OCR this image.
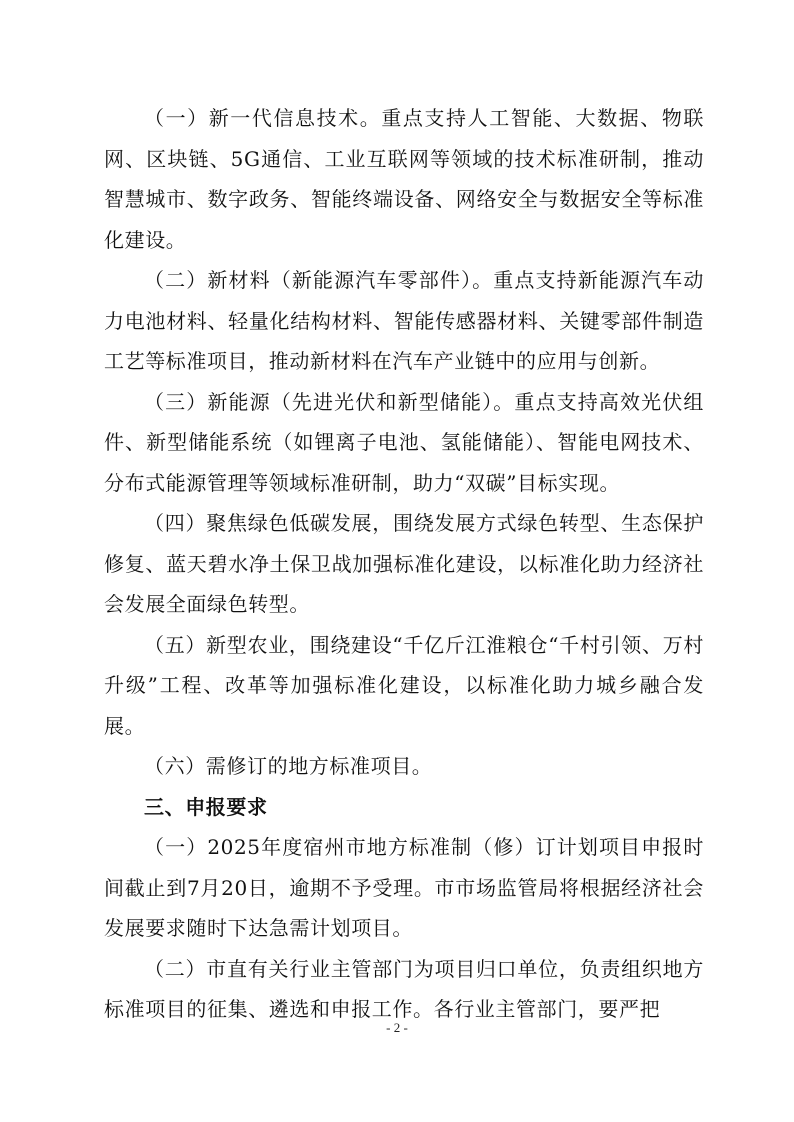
（一）新一代信息技术。重点支持人工智能、大数据、物联网、区块链、5G通信、工业互联网等领域的技术标准研制，推动智慧城市、数字政务、智能终端设备、网络安全与数据安全等标准化建设。

（二）新材料（新能源汽车零部件）。重点支持新能源汽车动力电池材料、轻量化结构材料、智能传感器材料、关键零部件制造工艺等标准项目，推动新材料在汽车产业链中的应用与创新。

（三）新能源（先进光伏和新型储能）。重点支持高效光伏组件、新型储能系统（如锂离子电池、氢能储能）、智能电网技术、分布式能源管理等领域标准研制，助力“双碳”目标实现。

（四）聚焦绿色低碳发展，围绕发展方式绿色转型、生态保护修复、蓝天碧水净土保卫战加强标准化建设，以标准化助力经济社会发展全面绿色转型。

（五）新型农业，围绕建设“千亿斤江淮粮仓“千村引领、万村升级”工程、改革等加强标准化建设，以标准化助力城乡融合发展。

（六）需修订的地方标准项目。

三、申报要求

（一）2025年度宿州市地方标准制（修）订计划项目申报时间截止到7月20日，逾期不予受理。市市场监管局将根据经济社会发展要求随时下达急需计划项目。

（二）市直有关行业主管部门为项目归口单位，负责组织地方标准项目的征集、遴选和申报工作。各行业主管部门，要严把

- 2 -
